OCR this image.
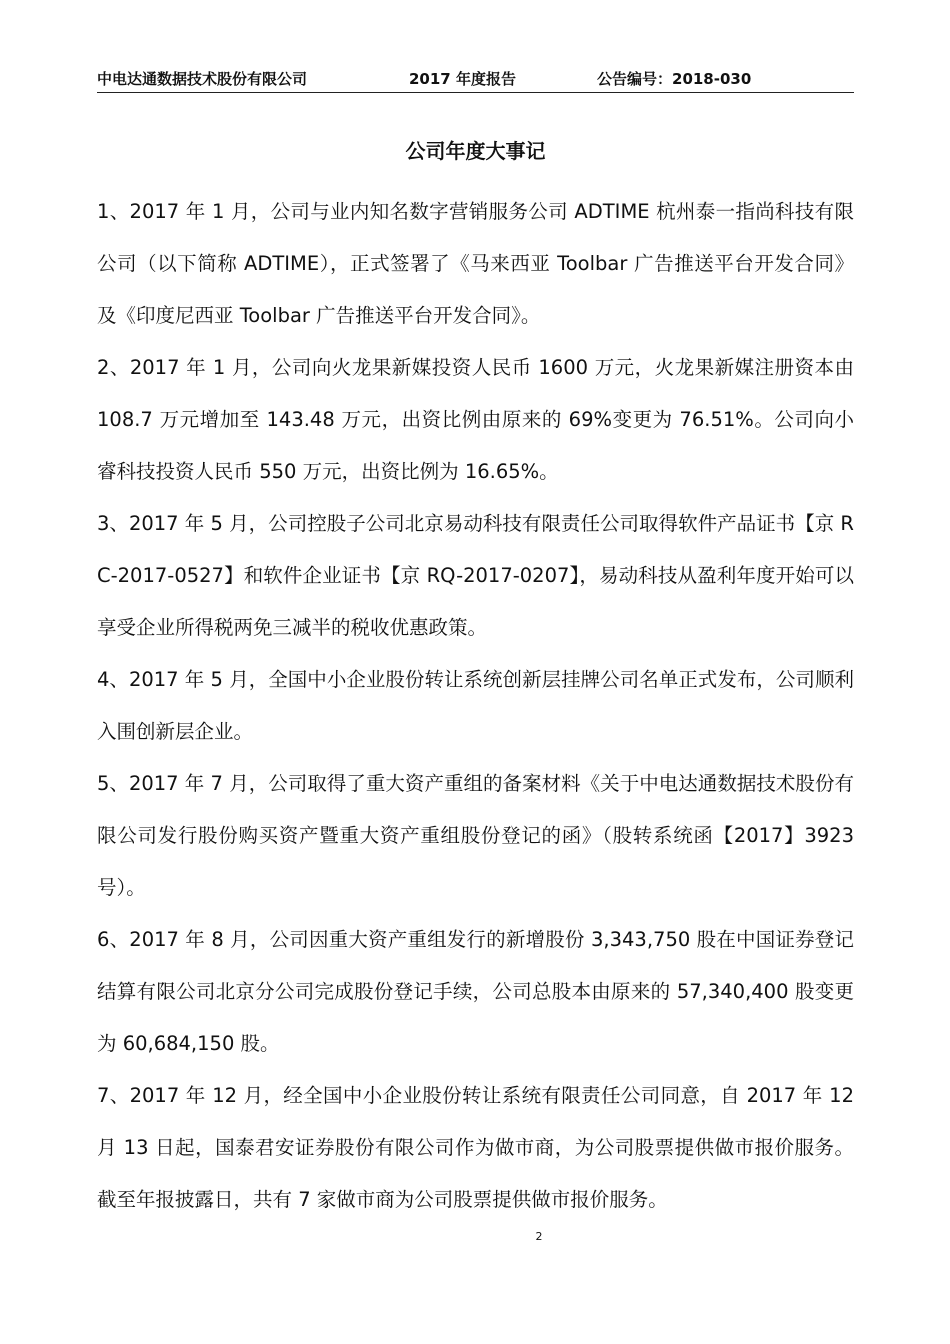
中电达通数据技术股份有限公司	2017 年度报告	公告编号：2018-030
公司年度大事记

1、2017 年 1 月，公司与业内知名数字营销服务公司 ADTIME 杭州泰一指尚科技有限公司（以下简称 ADTIME），正式签署了《马来西亚 Toolbar 广告推送平台开发合同》及《印度尼西亚 Toolbar 广告推送平台开发合同》。

2、2017 年 1 月，公司向火龙果新媒投资人民币 1600 万元，火龙果新媒注册资本由 108.7 万元增加至 143.48 万元，出资比例由原来的 69%变更为 76.51%。公司向小睿科技投资人民币 550 万元，出资比例为 16.65%。

3、2017 年 5 月，公司控股子公司北京易动科技有限责任公司取得软件产品证书【京 RC-2017-0527】和软件企业证书【京 RQ-2017-0207】，易动科技从盈利年度开始可以享受企业所得税两免三减半的税收优惠政策。

4、2017 年 5 月，全国中小企业股份转让系统创新层挂牌公司名单正式发布，公司顺利入围创新层企业。

5、2017 年 7 月，公司取得了重大资产重组的备案材料《关于中电达通数据技术股份有限公司发行股份购买资产暨重大资产重组股份登记的函》（股转系统函【2017】3923 号）。

6、2017 年 8 月，公司因重大资产重组发行的新增股份 3,343,750 股在中国证券登记结算有限公司北京分公司完成股份登记手续，公司总股本由原来的 57,340,400 股变更为 60,684,150 股。

7、2017 年 12 月，经全国中小企业股份转让系统有限责任公司同意，自 2017 年 12 月 13 日起，国泰君安证券股份有限公司作为做市商，为公司股票提供做市报价服务。截至年报披露日，共有 7 家做市商为公司股票提供做市报价服务。

2
